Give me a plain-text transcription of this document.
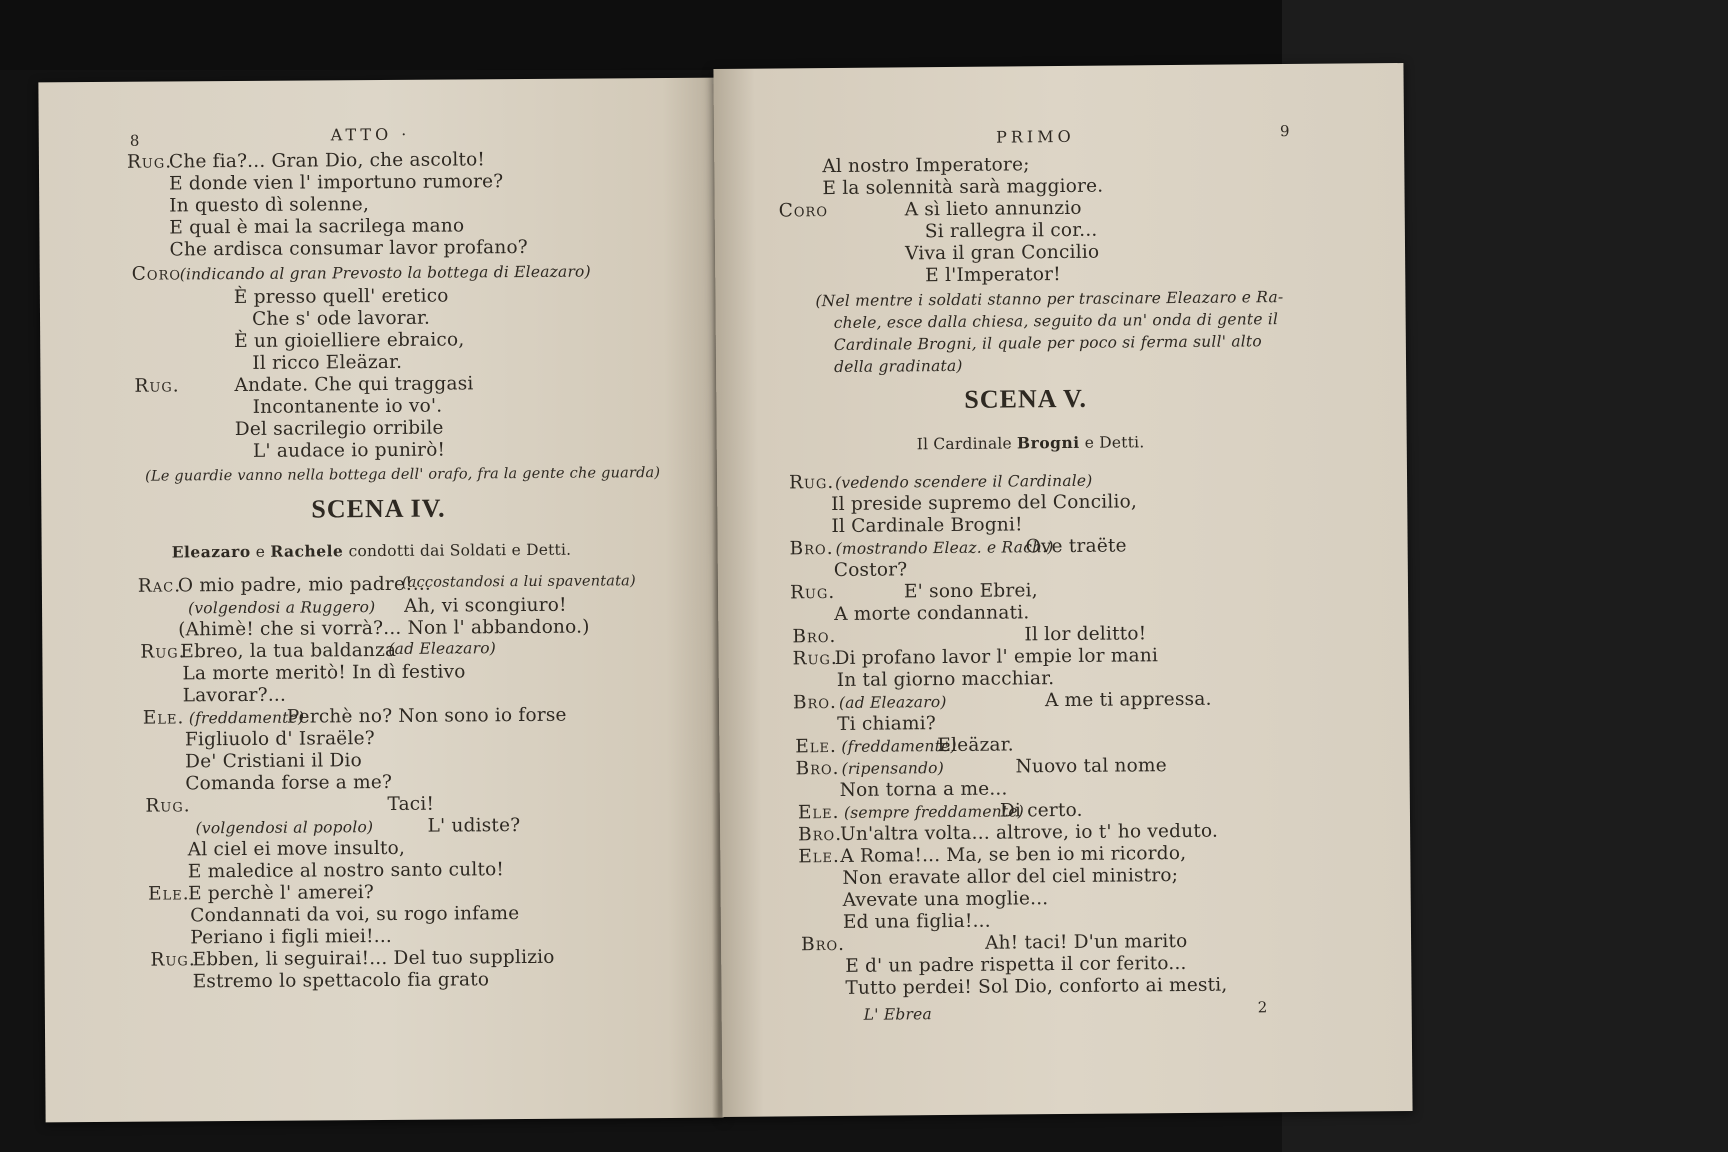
8	ATTO ·
Rug.
Che fia?... Gran Dio, che ascolto!
E donde vien l' importuno rumore?
In questo dì solenne,
E qual è mai la sacrilega mano
Che ardisca consumar lavor profano?
Coro
(indicando al gran Prevosto la bottega di Eleazaro)
È presso quell' eretico
Che s' ode lavorar.
È un gioielliere ebraico,
Il ricco Eleäzar.
Rug.	Andate. Che qui traggasi
Incontanente io vo'.
Del sacrilegio orribile
L' audace io punirò!
(Le guardie vanno nella bottega dell' orafo, fra la gente che guarda)
SCENA IV.
Eleazaro e Rachele condotti dai Soldati e Detti.
Rac.
O mio padre, mio padre!...
(accostandosi a lui spaventata)
(volgendosi a Ruggero) Ah, vi scongiuro!
(Ahimè! che si vorrà?... Non l' abbandono.)
Rug.
Ebreo, la tua baldanza
(ad Eleazaro)
La morte meritò! In dì festivo
Lavorar?...
Ele. (freddamente)
Perchè no? Non sono io forse
Figliuolo d' Israële?
De' Cristiani il Dio
Comanda forse a me?
Rug.	Taci!
(volgendosi al popolo)	L' udiste?
Al ciel ei move insulto,
E maledice al nostro santo culto!
Ele.
E perchè l' amerei?
Condannati da voi, su rogo infame
Periano i figli miei!...
Rug.
Ebben, li seguirai!... Del tuo supplizio
Estremo lo spettacolo fia grato
PRIMO	9
Al nostro Imperatore;
E la solennità sarà maggiore.
Coro	A sì lieto annunzio
Si rallegra il cor...
Viva il gran Concilio
E l'Imperator!
(Nel mentre i soldati stanno per trascinare Eleazaro e Ra-
chele, esce dalla chiesa, seguito da un' onda di gente il
Cardinale Brogni, il quale per poco si ferma sull' alto
della gradinata)
SCENA V.
Il Cardinale Brogni e Detti.
Rug. (vedendo scendere il Cardinale)
Il preside supremo del Concilio,
Il Cardinale Brogni!
Bro. (mostrando Eleaz. e Rach.)
Ove traëte
Costor?
Rug.	E' sono Ebrei,
A morte condannati.
Bro.	Il lor delitto!
Rug.
Di profano lavor l' empie lor mani
In tal giorno macchiar.
Bro. (ad Eleazaro)	A me ti appressa.
Ti chiami?
Ele. (freddamente)
Eleäzar.
Bro. (ripensando)	Nuovo tal nome
Non torna a me...
Ele. (sempre freddamente)
Di certo.
Bro.
Un'altra volta... altrove, io t' ho veduto.
Ele. A Roma!... Ma, se ben io mi ricordo,
Non eravate allor del ciel ministro;
Avevate una moglie...
Ed una figlia!...
Bro.	Ah! taci! D'un marito
E d' un padre rispetta il cor ferito...
Tutto perdei! Sol Dio, conforto ai mesti,
L' Ebrea	2
